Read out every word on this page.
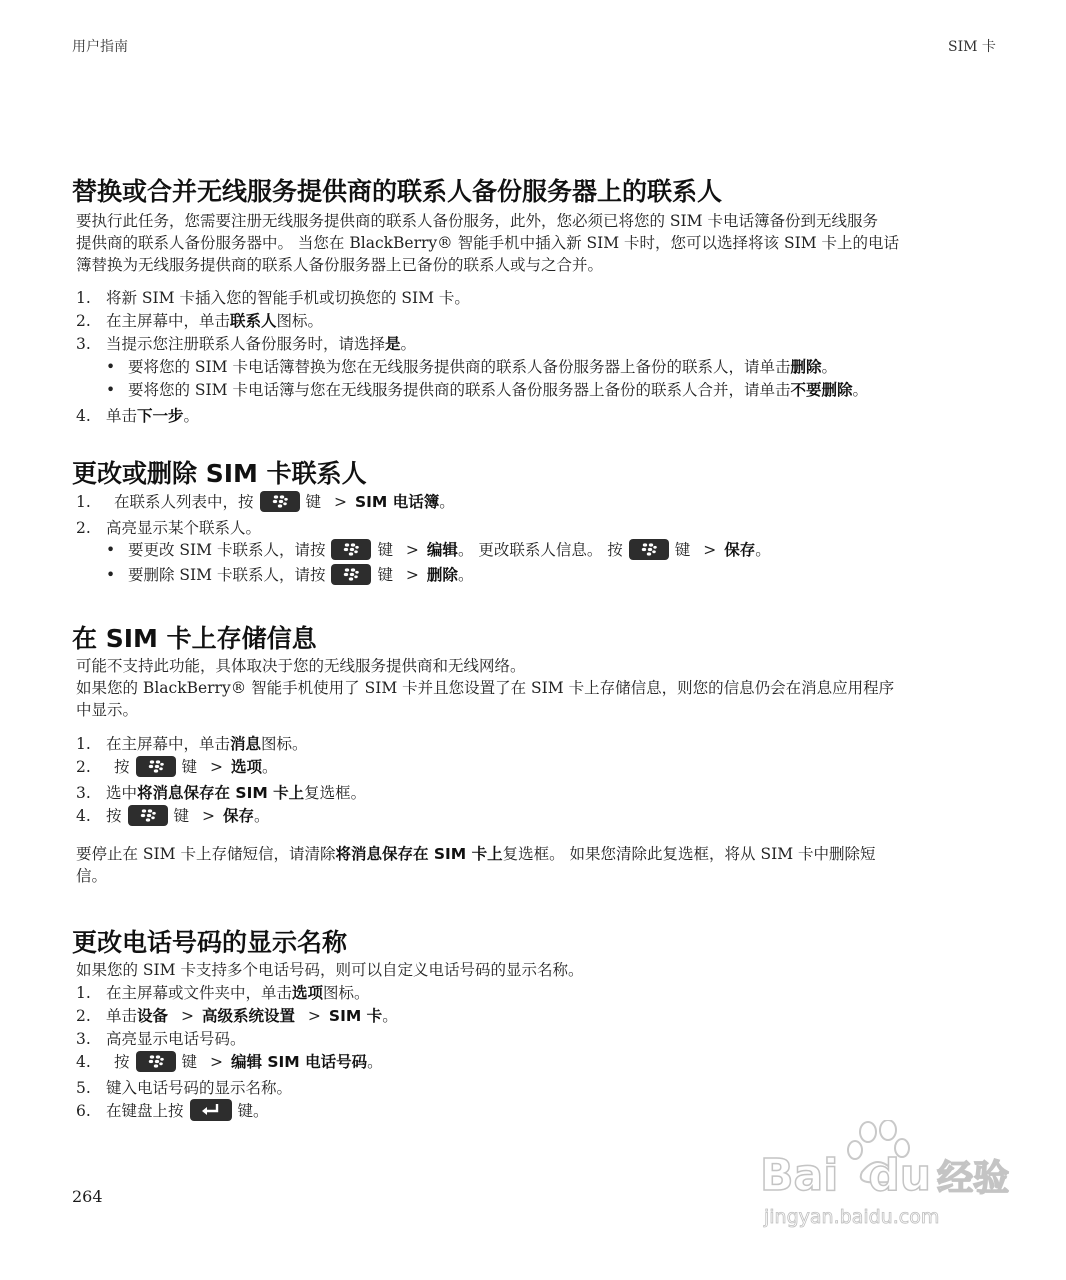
用户指南	SIM 卡
替换或合并无线服务提供商的联系人备份服务器上的联系人
要执行此任务，您需要注册无线服务提供商的联系人备份服务，此外，您必须已将您的 SIM 卡电话簿备份到无线服务
提供商的联系人备份服务器中。 当您在 BlackBerry® 智能手机中插入新 SIM 卡时，您可以选择将该 SIM 卡上的电话
簿替换为无线服务提供商的联系人备份服务器上已备份的联系人或与之合并。
1. 将新 SIM 卡插入您的智能手机或切换您的 SIM 卡。
2. 在主屏幕中，单击联系人图标。
3. 当提示您注册联系人备份服务时，请选择是。
• 要将您的 SIM 卡电话簿替换为您在无线服务提供商的联系人备份服务器上备份的联系人，请单击删除。
• 要将您的 SIM 卡电话簿与您在无线服务提供商的联系人备份服务器上备份的联系人合并，请单击不要删除。
4. 单击下一步。
更改或删除 SIM 卡联系人
1. 在联系人列表中，按	键 > SIM 电话簿。
2. 高亮显示某个联系人。
• 要更改 SIM 卡联系人，请按	键 > 编辑。 更改联系人信息。 按	键 > 保存。
• 要删除 SIM 卡联系人，请按	键 > 删除。
在 SIM 卡上存储信息
可能不支持此功能，具体取决于您的无线服务提供商和无线网络。
如果您的 BlackBerry® 智能手机使用了 SIM 卡并且您设置了在 SIM 卡上存储信息，则您的信息仍会在消息应用程序
中显示。
1. 在主屏幕中，单击消息图标。
2. 按	键 > 选项。
3. 选中将消息保存在 SIM 卡上复选框。
4. 按	键 > 保存。
要停止在 SIM 卡上存储短信，请清除将消息保存在 SIM 卡上复选框。 如果您清除此复选框，将从 SIM 卡中删除短
信。
更改电话号码的显示名称
如果您的 SIM 卡支持多个电话号码，则可以自定义电话号码的显示名称。
1. 在主屏幕或文件夹中，单击选项图标。
2. 单击设备 > 高级系统设置 > SIM 卡。
3. 高亮显示电话号码。
4. 按	键 > 编辑 SIM 电话号码。
5. 键入电话号码的显示名称。
6. 在键盘上按	键。
264	Bai du 经验
jingyan.baidu.com
